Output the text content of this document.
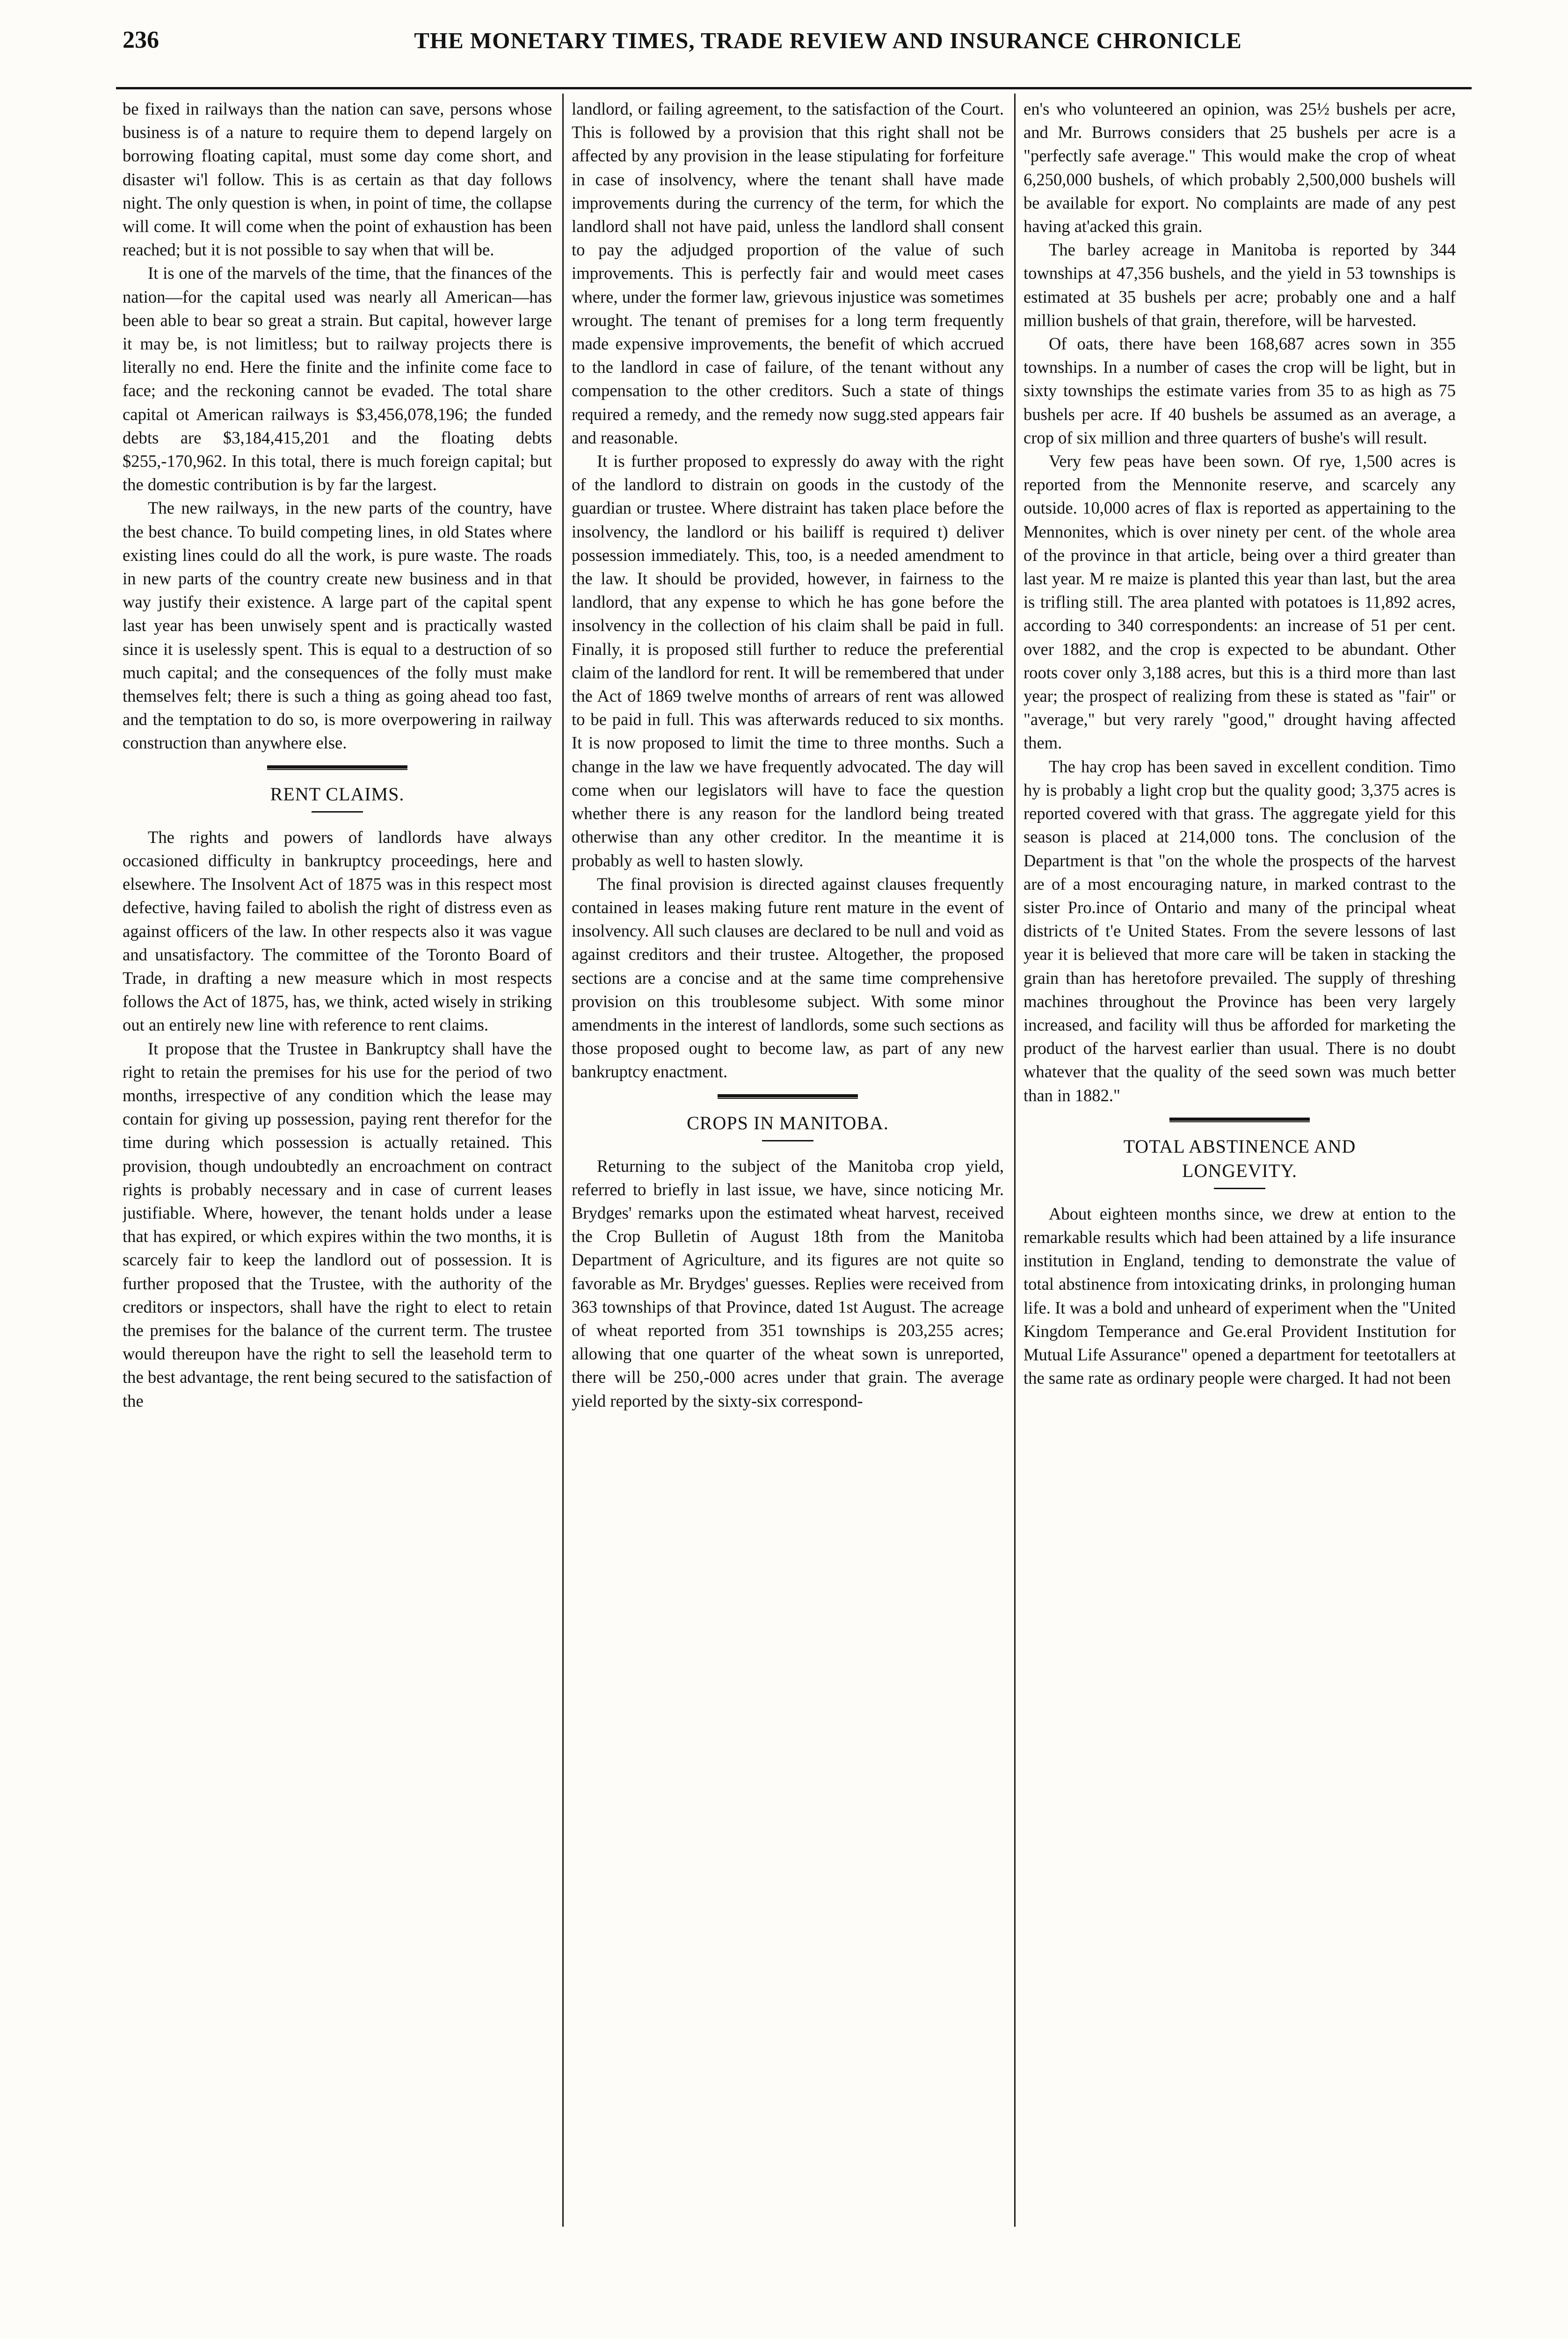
236	THE MONETARY TIMES, TRADE REVIEW AND INSURANCE CHRONICLE

be fixed in railways than the nation can save, persons whose business is of a nature to require them to depend largely on borrowing floating capital, must some day come short, and disaster wi'l follow. This is as certain as that day follows night. The only question is when, in point of time, the collapse will come. It will come when the point of exhaustion has been reached; but it is not possible to say when that will be.

It is one of the marvels of the time, that the finances of the nation—for the capital used was nearly all American—has been able to bear so great a strain. But capital, however large it may be, is not limitless; but to railway projects there is literally no end. Here the finite and the infinite come face to face; and the reckoning cannot be evaded. The total share capital ot American railways is $3,456,078,196; the funded debts are $3,184,415,201 and the floating debts $255,-170,962. In this total, there is much foreign capital; but the domestic contribution is by far the largest.

The new railways, in the new parts of the country, have the best chance. To build competing lines, in old States where existing lines could do all the work, is pure waste. The roads in new parts of the country create new business and in that way justify their existence. A large part of the capital spent last year has been unwisely spent and is practically wasted since it is uselessly spent. This is equal to a destruction of so much capital; and the consequences of the folly must make themselves felt; there is such a thing as going ahead too fast, and the temptation to do so, is more overpowering in railway construction than anywhere else.

RENT CLAIMS.

The rights and powers of landlords have always occasioned difficulty in bankruptcy proceedings, here and elsewhere. The Insolvent Act of 1875 was in this respect most defective, having failed to abolish the right of distress even as against officers of the law. In other respects also it was vague and unsatisfactory. The committee of the Toronto Board of Trade, in drafting a new measure which in most respects follows the Act of 1875, has, we think, acted wisely in striking out an entirely new line with reference to rent claims.

It propose that the Trustee in Bankruptcy shall have the right to retain the premises for his use for the period of two months, irrespective of any condition which the lease may contain for giving up possession, paying rent therefor for the time during which possession is actually retained. This provision, though undoubtedly an encroachment on contract rights is probably necessary and in case of current leases justifiable. Where, however, the tenant holds under a lease that has expired, or which expires within the two months, it is scarcely fair to keep the landlord out of possession. It is further proposed that the Trustee, with the authority of the creditors or inspectors, shall have the right to elect to retain the premises for the balance of the current term. The trustee would thereupon have the right to sell the leasehold term to the best advantage, the rent being secured to the satisfaction of the

landlord, or failing agreement, to the satisfaction of the Court. This is followed by a provision that this right shall not be affected by any provision in the lease stipulating for forfeiture in case of insolvency, where the tenant shall have made improvements during the currency of the term, for which the landlord shall not have paid, unless the landlord shall consent to pay the adjudged proportion of the value of such improvements. This is perfectly fair and would meet cases where, under the former law, grievous injustice was sometimes wrought. The tenant of premises for a long term frequently made expensive improvements, the benefit of which accrued to the landlord in case of failure, of the tenant without any compensation to the other creditors. Such a state of things required a remedy, and the remedy now sugg.sted appears fair and reasonable.

It is further proposed to expressly do away with the right of the landlord to distrain on goods in the custody of the guardian or trustee. Where distraint has taken place before the insolvency, the landlord or his bailiff is required t) deliver possession immediately. This, too, is a needed amendment to the law. It should be provided, however, in fairness to the landlord, that any expense to which he has gone before the insolvency in the collection of his claim shall be paid in full. Finally, it is proposed still further to reduce the preferential claim of the landlord for rent. It will be remembered that under the Act of 1869 twelve months of arrears of rent was allowed to be paid in full. This was afterwards reduced to six months. It is now proposed to limit the time to three months. Such a change in the law we have frequently advocated. The day will come when our legislators will have to face the question whether there is any reason for the landlord being treated otherwise than any other creditor. In the meantime it is probably as well to hasten slowly.

The final provision is directed against clauses frequently contained in leases making future rent mature in the event of insolvency. All such clauses are declared to be null and void as against creditors and their trustee. Altogether, the proposed sections are a concise and at the same time comprehensive provision on this troublesome subject. With some minor amendments in the interest of landlords, some such sections as those proposed ought to become law, as part of any new bankruptcy enactment.

CROPS IN MANITOBA.

Returning to the subject of the Manitoba crop yield, referred to briefly in last issue, we have, since noticing Mr. Brydges' remarks upon the estimated wheat harvest, received the Crop Bulletin of August 18th from the Manitoba Department of Agriculture, and its figures are not quite so favorable as Mr. Brydges' guesses. Replies were received from 363 townships of that Province, dated 1st August. The acreage of wheat reported from 351 townships is 203,255 acres; allowing that one quarter of the wheat sown is unreported, there will be 250,-000 acres under that grain. The average yield reported by the sixty-six correspond-

en's who volunteered an opinion, was 25½ bushels per acre, and Mr. Burrows considers that 25 bushels per acre is a "perfectly safe average." This would make the crop of wheat 6,250,000 bushels, of which probably 2,500,000 bushels will be available for export. No complaints are made of any pest having at'acked this grain.

The barley acreage in Manitoba is reported by 344 townships at 47,356 bushels, and the yield in 53 townships is estimated at 35 bushels per acre; probably one and a half million bushels of that grain, therefore, will be harvested.

Of oats, there have been 168,687 acres sown in 355 townships. In a number of cases the crop will be light, but in sixty townships the estimate varies from 35 to as high as 75 bushels per acre. If 40 bushels be assumed as an average, a crop of six million and three quarters of bushe's will result.

Very few peas have been sown. Of rye, 1,500 acres is reported from the Mennonite reserve, and scarcely any outside. 10,000 acres of flax is reported as appertaining to the Mennonites, which is over ninety per cent. of the whole area of the province in that article, being over a third greater than last year. M re maize is planted this year than last, but the area is trifling still. The area planted with potatoes is 11,892 acres, according to 340 correspondents: an increase of 51 per cent. over 1882, and the crop is expected to be abundant. Other roots cover only 3,188 acres, but this is a third more than last year; the prospect of realizing from these is stated as "fair" or "average," but very rarely "good," drought having affected them.

The hay crop has been saved in excellent condition. Timo hy is probably a light crop but the quality good; 3,375 acres is reported covered with that grass. The aggregate yield for this season is placed at 214,000 tons. The conclusion of the Department is that "on the whole the prospects of the harvest are of a most encouraging nature, in marked contrast to the sister Pro.ince of Ontario and many of the principal wheat districts of t'e United States. From the severe lessons of last year it is believed that more care will be taken in stacking the grain than has heretofore prevailed. The supply of threshing machines throughout the Province has been very largely increased, and facility will thus be afforded for marketing the product of the harvest earlier than usual. There is no doubt whatever that the quality of the seed sown was much better than in 1882."

TOTAL ABSTINENCE AND
LONGEVITY.

About eighteen months since, we drew at ention to the remarkable results which had been attained by a life insurance institution in England, tending to demonstrate the value of total abstinence from intoxicating drinks, in prolonging human life. It was a bold and unheard of experiment when the "United Kingdom Temperance and Ge.eral Provident Institution for Mutual Life Assurance" opened a department for teetotallers at the same rate as ordinary people were charged. It had not been
